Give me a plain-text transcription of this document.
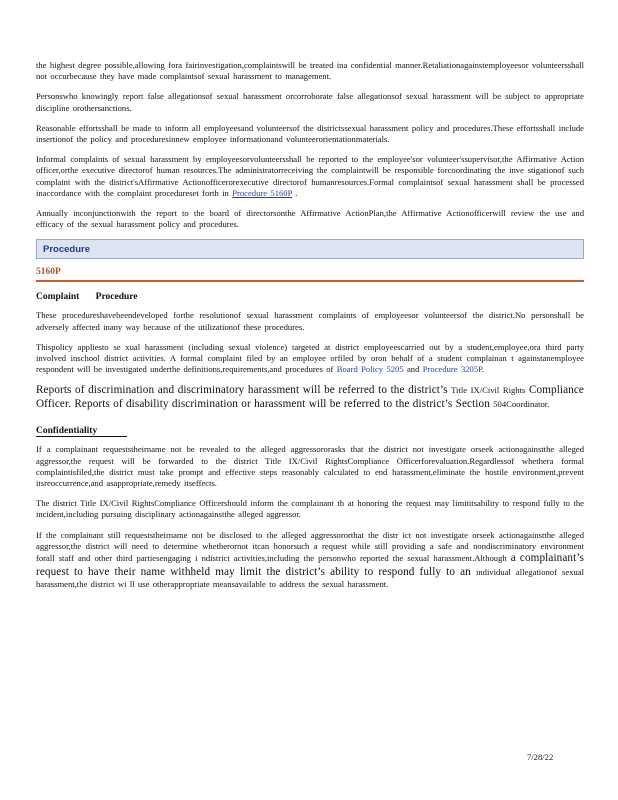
the highest degree possible,allowing fora fairinvestigation,complaintswill be treated ina confidential manner.Retaliationagainstemployeesor volunteersshall not occurbecause they have made complaintsof sexual harassment to management.

Personswho knowingly report false allegationsof sexual harassment orcorroborate false allegationsof sexual harassment will be subject to appropriate discipline orothersanctions.

Reasonable effortsshall be made to inform all employeesand volunteersof the districtssexual harassment policy and procedures.These effortsshall include insertionof the policy and proceduresinnew employee informationand volunteerorientationmaterials.

Informal complaints of sexual harassment by employeesorvolunteersshall be reported to the employee'sor volunteer'ssupervisor,the Affirmative Action officer,orthe executive directorof human resources.The administratorreceiving the complaintwill be responsible forcoordinating the inve stigationof such complaint with the district'sAffirmative Actionofficerorexecutive directorof humanresources.Formal complaintsof sexual harassment shall be processed inaccordance with the complaint procedureset forth in Procedure 5160P .

Annually inconjunctionwith the report to the board of directorsonthe Affirmative ActionPlan,the Affirmative Actionofficerwill review the use and efficacy of the sexual harassment policy and procedures.

Procedure
5160P
Complaint Procedure

These procedureshavebeendeveloped forthe resolutionof sexual harassment complaints of employeesor volunteersof the district.No personshall be adversely affected inany way because of the utilizationof these procedures.

Thispolicy appliesto se xual harassment (including sexual violence) targeted at district employeescarried out by a student,employee,ora third party involved inschool district activities. A formal complaint filed by an employee orfiled by oron behalf of a student complainan t againstanemployee respondent will be investigated underthe definitions,requirements,and procedures of Board Policy 5205 and Procedure 3205P.

Reports of discrimination and discriminatory harassment will be referred to the district’s Title IX/Civil Rights Compliance Officer. Reports of disability discrimination or harassment will be referred to the district’s Section 504Coordinator.

Confidentiality

If a complainant requeststheirname not be revealed to the alleged aggressororasks that the district not investigate orseek actionagainstthe alleged aggressor,the request will be forwarded to the district Title IX/Civil RightsCompliance Officerforevaluation.Regardlessof whethera formal complaintisfiled,the district must take prompt and effective steps reasonably calculated to end harassment,eliminate the hostile environment,prevent itsreoccurrence,and asappropriate,remedy itseffects.

The district Title IX/Civil RightsCompliance Officershould inform the complainant th at honoring the request may limititsability to respond fully to the incident,including pursuing disciplinary actionagainstthe alleged aggressor.

If the complainant still requeststheirname not be disclosed to the alleged aggressororthat the distr ict not investigate orseek actionagainstthe alleged aggressor,the district will need to determine whetherornot itcan honorsuch a request while still providing a safe and nondiscriminatory environment forall staff and other third partiesengaging i ndistrict activities,including the personwho reported the sexual harassment.Although a complainant’s request to have their name withheld may limit the district’s ability to respond fully to an individual allegationof sexual harassment,the district wi ll use otherappropriate meansavailable to address the sexual harassment.

7/28/22
